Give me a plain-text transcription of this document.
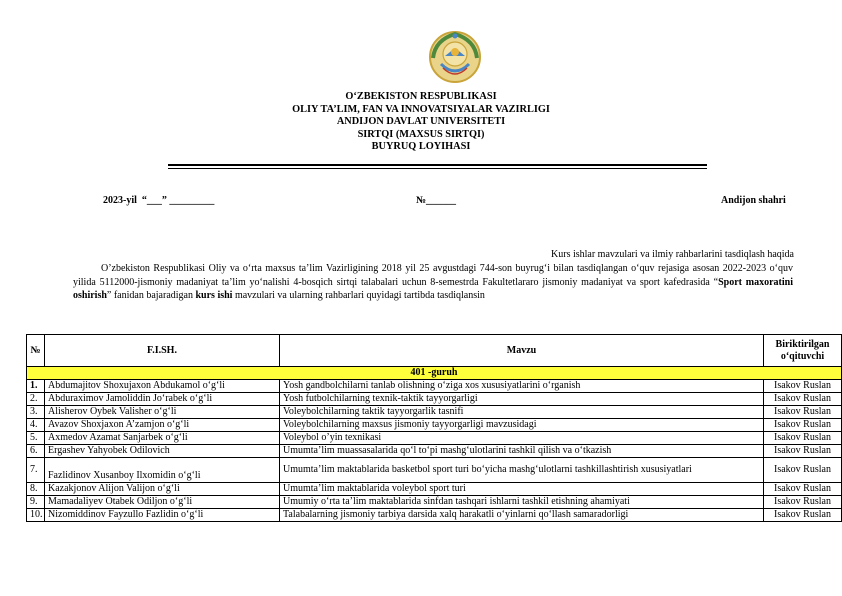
O‘ZBEKISTON RESPUBLIKASI
OLIY TA’LIM, FAN VA INNOVATSIYALAR VAZIRLIGI
ANDIJON DAVLAT UNIVERSITETI
SIRTQI (MAXSUS SIRTQI)
BUYRUQ LOYIHASI
2023-yil  “___” _________	№______	Andijon shahri
Kurs ishlar mavzulari va ilmiy rahbarlarini tasdiqlash haqida
O’zbekiston Respublikasi Oliy va o‘rta maxsus ta’lim Vazirligining 2018 yil 25 avgustdagi 744-son buyrug‘i bilan tasdiqlangan o‘quv rejasiga asosan 2022-2023 o‘quv yilida 5112000-jismoniy madaniyat ta’lim yo‘nalishi 4-bosqich sirtqi talabalari uchun 8-semestrda Fakultetlararo jismoniy madaniyat va sport kafedrasida “Sport maxoratini oshirish” fanidan bajaradigan kurs ishi mavzulari va ularning rahbarlari quyidagi tartibda tasdiqlansin
№	F.I.SH.	Mavzu	Biriktirilgan o‘qituvchi
401 -guruh			
1.	Abdumajitov Shoxujaxon Abdukamol o‘g‘li	Yosh gandbolchilarni tanlab olishning o‘ziga xos xususiyatlarini o‘rganish	Isakov Ruslan
2.	Abduraximov Jamoliddin Jo‘rabek o‘g‘li	Yosh futbolchilarning texnik-taktik tayyorgarligi	Isakov Ruslan
3.	Alisherov Oybek Valisher o‘g‘li	Voleybolchilarning taktik tayyorgarlik tasnifi	Isakov Ruslan
4.	Avazov Shoxjaxon A’zamjon o‘g‘li	Voleybolchilarning maxsus jismoniy tayyorgarligi mavzusidagi	Isakov Ruslan
5.	Axmedov Azamat Sanjarbek o‘g‘li	Voleybol o’yin texnikasi	Isakov Ruslan
6.	Ergashev Yahyobek Odilovich	Umumta’lim muassasalarida qo‘l to‘pi mashg‘ulotlarini tashkil qilish va o‘tkazish	Isakov Ruslan
7.	Fazlidinov Xusanboy Ilxomidin o‘g‘li	Umumta’lim maktablarida basketbol sport turi bo‘yicha mashg‘ulotlarni tashkillashtirish xususiyatlari	Isakov Ruslan
8.	Kazakjonov Alijon Valijon o‘g‘li	Umumta’lim maktablarida voleybol sport turi	Isakov Ruslan
9.	Mamadaliyev Otabek Odiljon o‘g‘li	Umumiy o‘rta ta’lim maktablarida sinfdan tashqari ishlarni tashkil etishning ahamiyati	Isakov Ruslan
10.	Nizomiddinov Fayzullo Fazlidin o‘g‘li	Talabalarning jismoniy tarbiya darsida xalq harakatli o‘yinlarni qo‘llash samaradorligi	Isakov Ruslan
